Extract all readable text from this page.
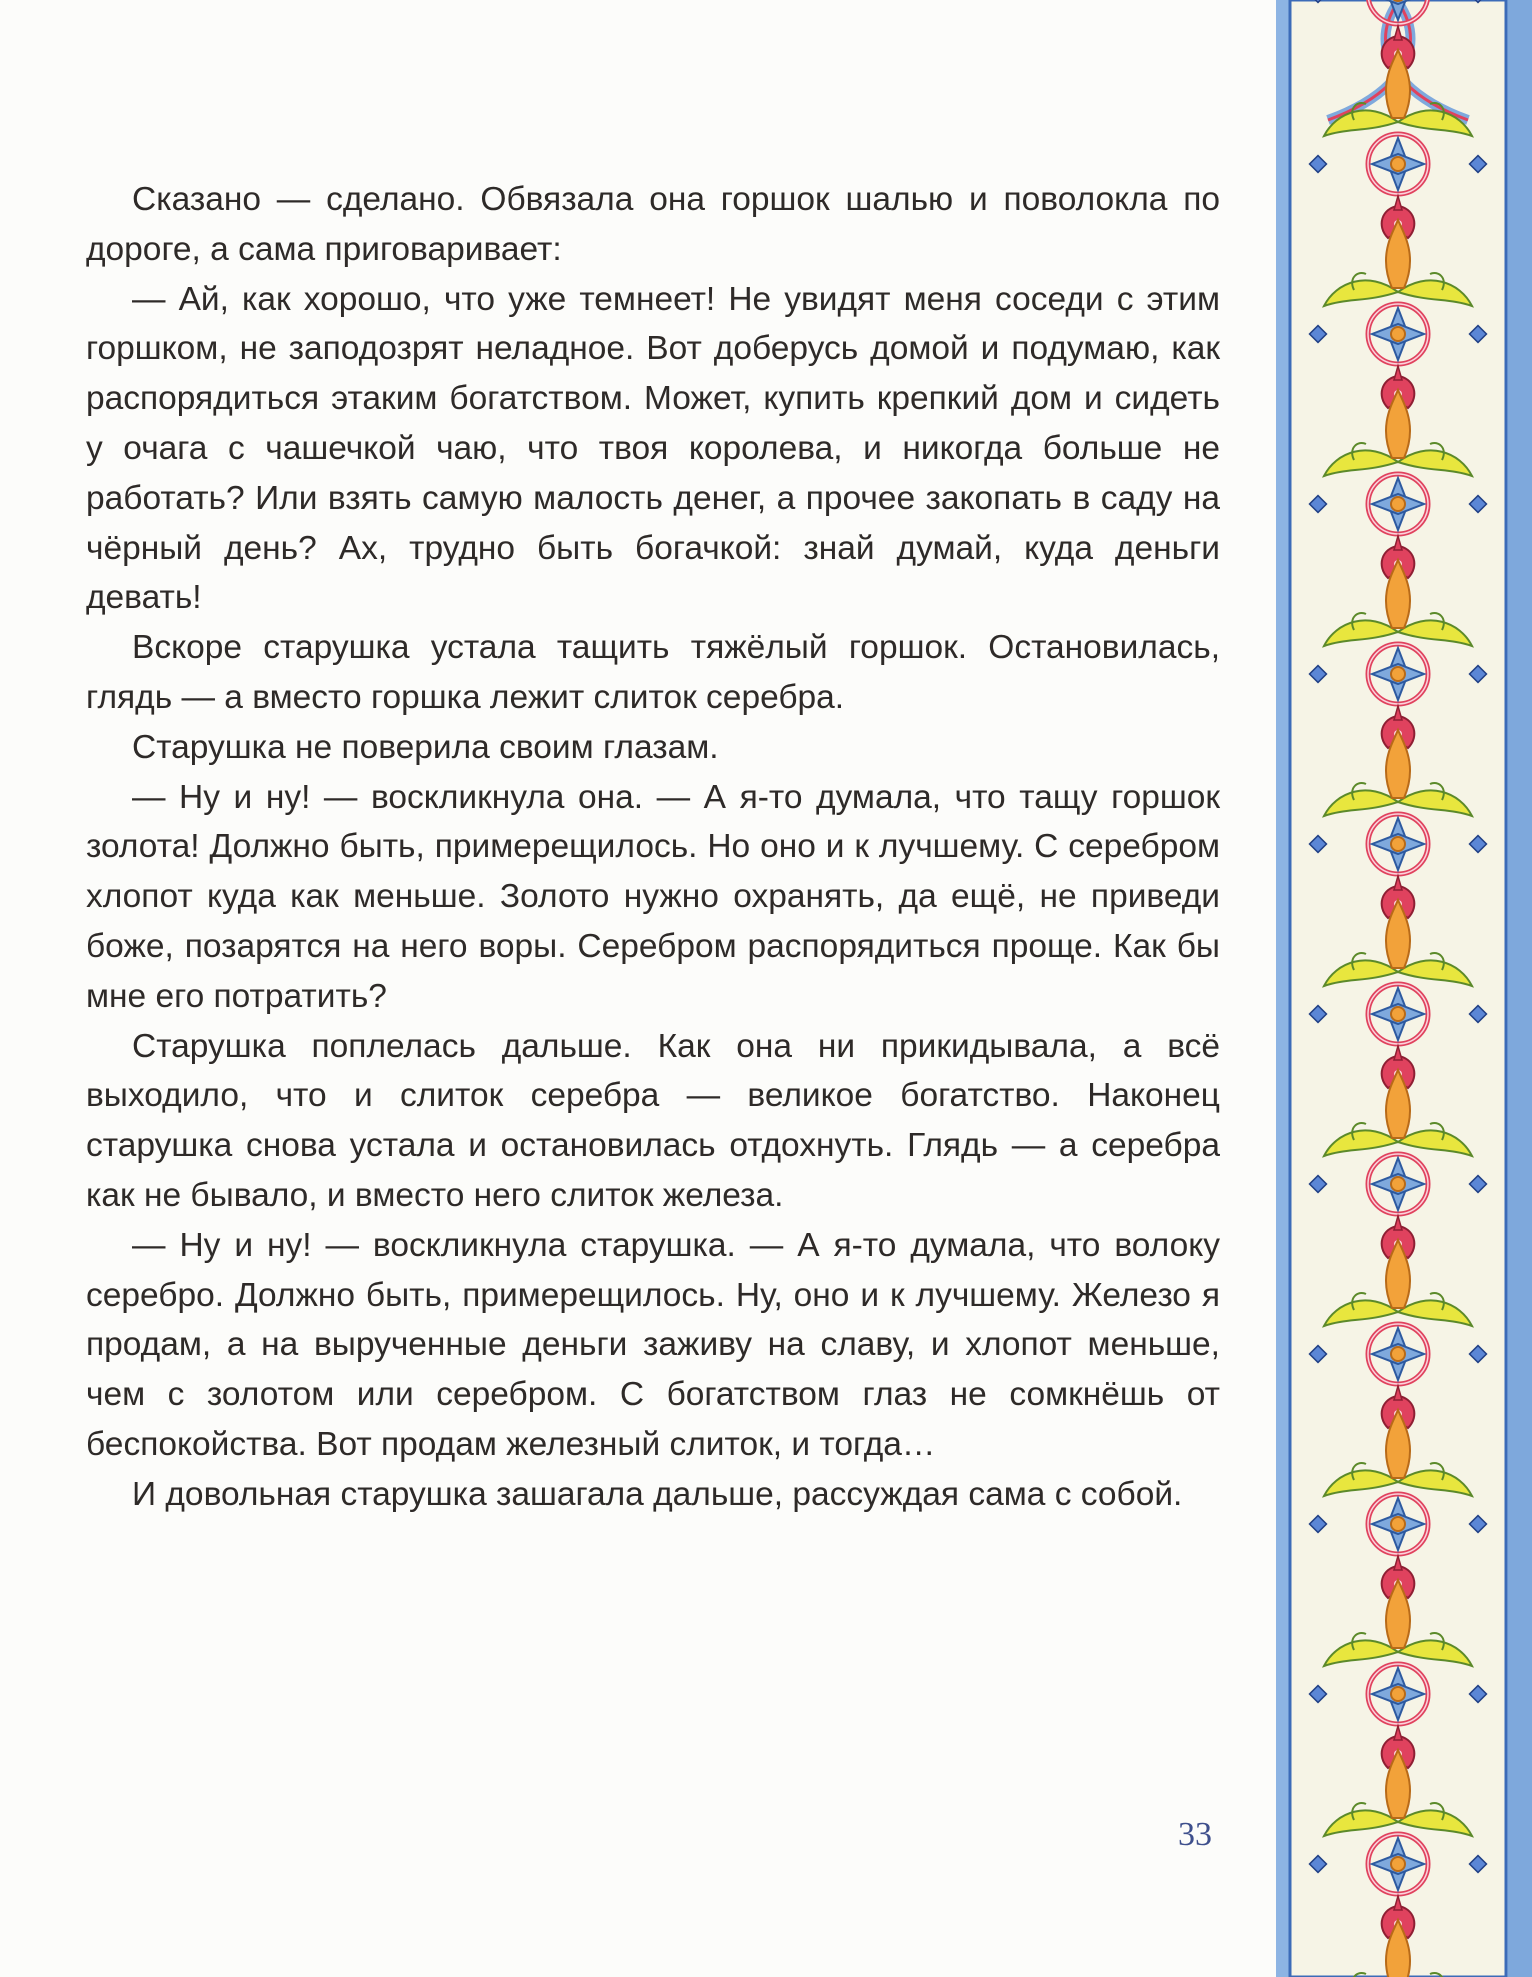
Сказано — сделано. Обвязала она горшок шалью и поволокла по дороге, а сама приговаривает:

— Ай, как хорошо, что уже темнеет! Не увидят меня соседи с этим горшком, не заподозрят неладное. Вот доберусь домой и подумаю, как распорядиться этаким богатством. Может, купить крепкий дом и сидеть у очага с чашечкой чаю, что твоя королева, и никогда больше не работать? Или взять самую малость денег, а прочее закопать в саду на чёрный день? Ах, трудно быть богачкой: знай думай, куда деньги девать!

Вскоре старушка устала тащить тяжёлый горшок. Остановилась, глядь — а вместо горшка лежит слиток серебра.

Старушка не поверила своим глазам.

— Ну и ну! — воскликнула она. — А я-то думала, что тащу горшок золота! Должно быть, примерещилось. Но оно и к лучшему. С серебром хлопот куда как меньше. Золото нужно охранять, да ещё, не приведи боже, позарятся на него воры. Серебром распорядиться проще. Как бы мне его потратить?

Старушка поплелась дальше. Как она ни прикидывала, а всё выходило, что и слиток серебра — великое богатство. Наконец старушка снова устала и остановилась отдохнуть. Глядь — а серебра как не бывало, и вместо него слиток железа.

— Ну и ну! — воскликнула старушка. — А я-то думала, что волоку серебро. Должно быть, примерещилось. Ну, оно и к лучшему. Железо я продам, а на вырученные деньги заживу на славу, и хлопот меньше, чем с золотом или серебром. С богатством глаз не сомкнёшь от беспокойства. Вот продам железный слиток, и тогда…

И довольная старушка зашагала дальше, рассуждая сама с собой.

33
